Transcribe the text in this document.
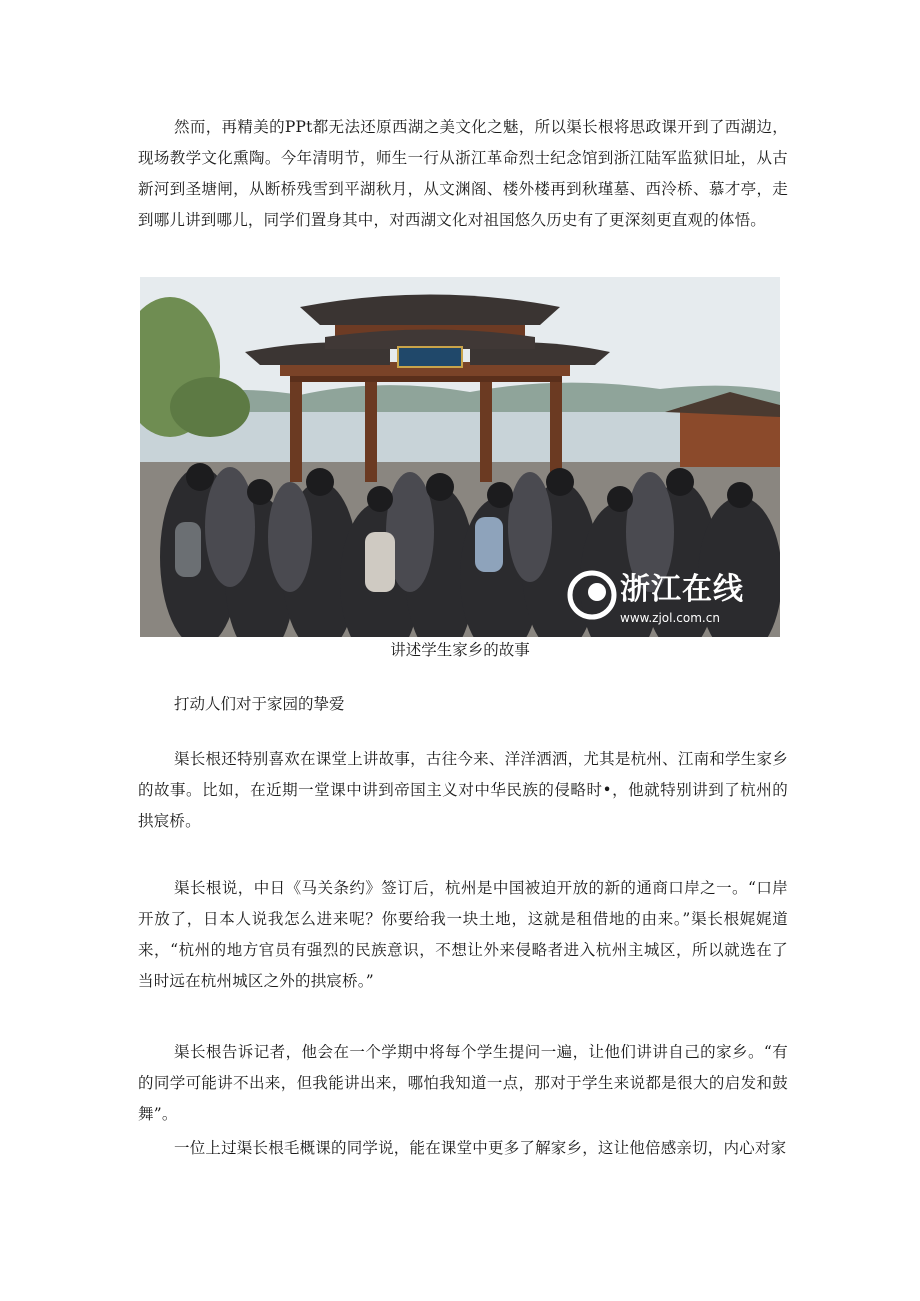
然而，再精美的PPt都无法还原西湖之美文化之魅，所以渠长根将思政课开到了西湖边，现场教学文化熏陶。今年清明节，师生一行从浙江革命烈士纪念馆到浙江陆军监狱旧址，从古新河到圣塘闸，从断桥残雪到平湖秋月，从文渊阁、楼外楼再到秋瑾墓、西泠桥、慕才亭，走到哪儿讲到哪儿，同学们置身其中，对西湖文化对祖国悠久历史有了更深刻更直观的体悟。

浙江在线
www.zjol.com.cn
讲述学生家乡的故事

打动人们对于家园的挚爱

渠长根还特别喜欢在课堂上讲故事，古往今来、洋洋洒洒，尤其是杭州、江南和学生家乡的故事。比如，在近期一堂课中讲到帝国主义对中华民族的侵略时•，他就特别讲到了杭州的拱宸桥。

渠长根说，中日《马关条约》签订后，杭州是中国被迫开放的新的通商口岸之一。“口岸开放了，日本人说我怎么进来呢？你要给我一块土地，这就是租借地的由来。”渠长根娓娓道来，“杭州的地方官员有强烈的民族意识，不想让外来侵略者进入杭州主城区，所以就选在了当时远在杭州城区之外的拱宸桥。”

渠长根告诉记者，他会在一个学期中将每个学生提问一遍，让他们讲讲自己的家乡。“有的同学可能讲不出来，但我能讲出来，哪怕我知道一点，那对于学生来说都是很大的启发和鼓舞”。

一位上过渠长根毛概课的同学说，能在课堂中更多了解家乡，这让他倍感亲切，内心对家
